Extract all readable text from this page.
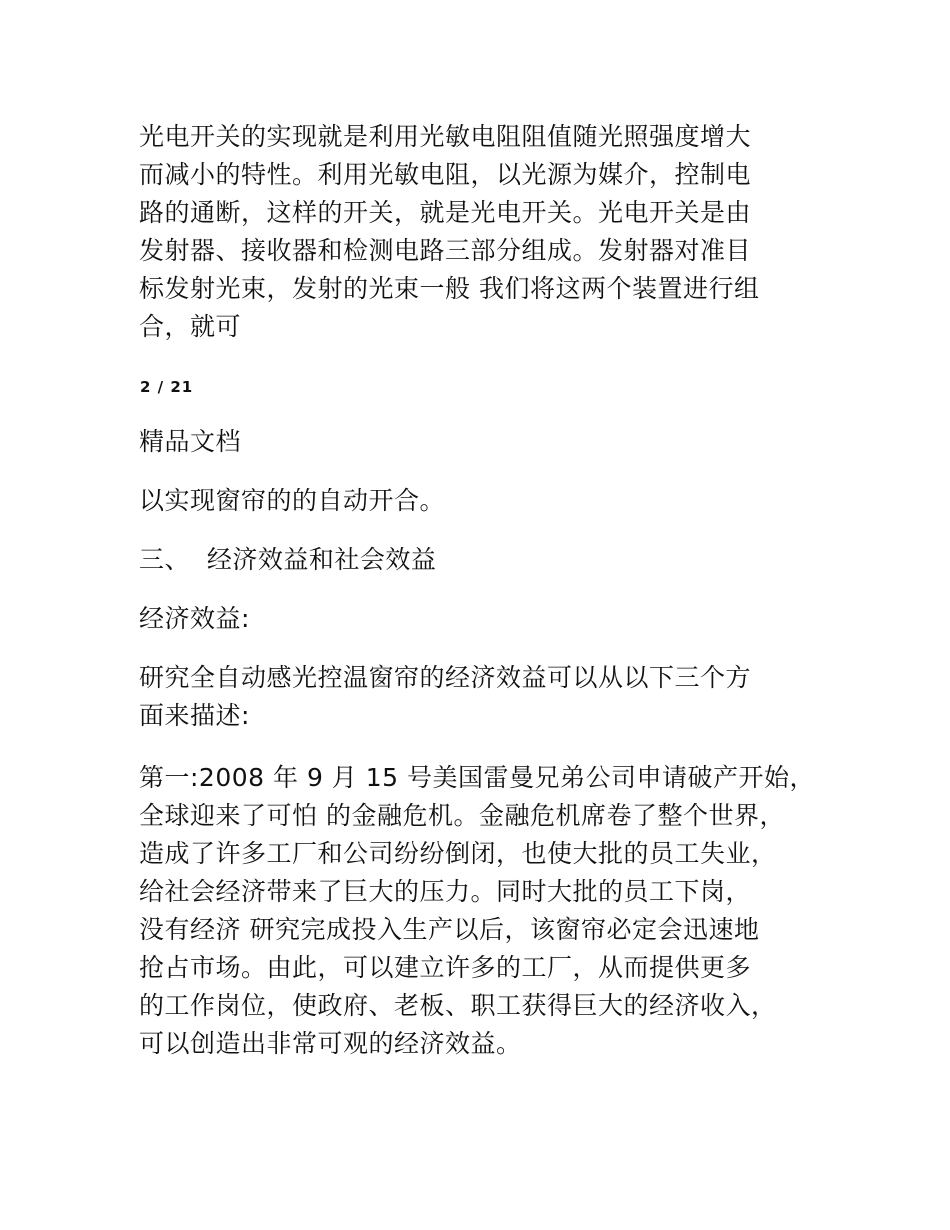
光电开关的实现就是利用光敏电阻阻值随光照强度增大
而减小的特性。利用光敏电阻，以光源为媒介，控制电
路的通断，这样的开关，就是光电开关。光电开关是由
发射器、接收器和检测电路三部分组成。发射器对准目
标发射光束，发射的光束一般 我们将这两个装置进行组
合，就可

2 / 21

精品文档

以实现窗帘的的自动开合。

三、  经济效益和社会效益

经济效益:

研究全自动感光控温窗帘的经济效益可以从以下三个方
面来描述:

第一:2008 年 9 月 15 号美国雷曼兄弟公司申请破产开始，
全球迎来了可怕 的金融危机。金融危机席卷了整个世界，
造成了许多工厂和公司纷纷倒闭，也使大批的员工失业，
给社会经济带来了巨大的压力。同时大批的员工下岗，
没有经济 研究完成投入生产以后，该窗帘必定会迅速地
抢占市场。由此，可以建立许多的工厂，从而提供更多
的工作岗位，使政府、老板、职工获得巨大的经济收入，
可以创造出非常可观的经济效益。
